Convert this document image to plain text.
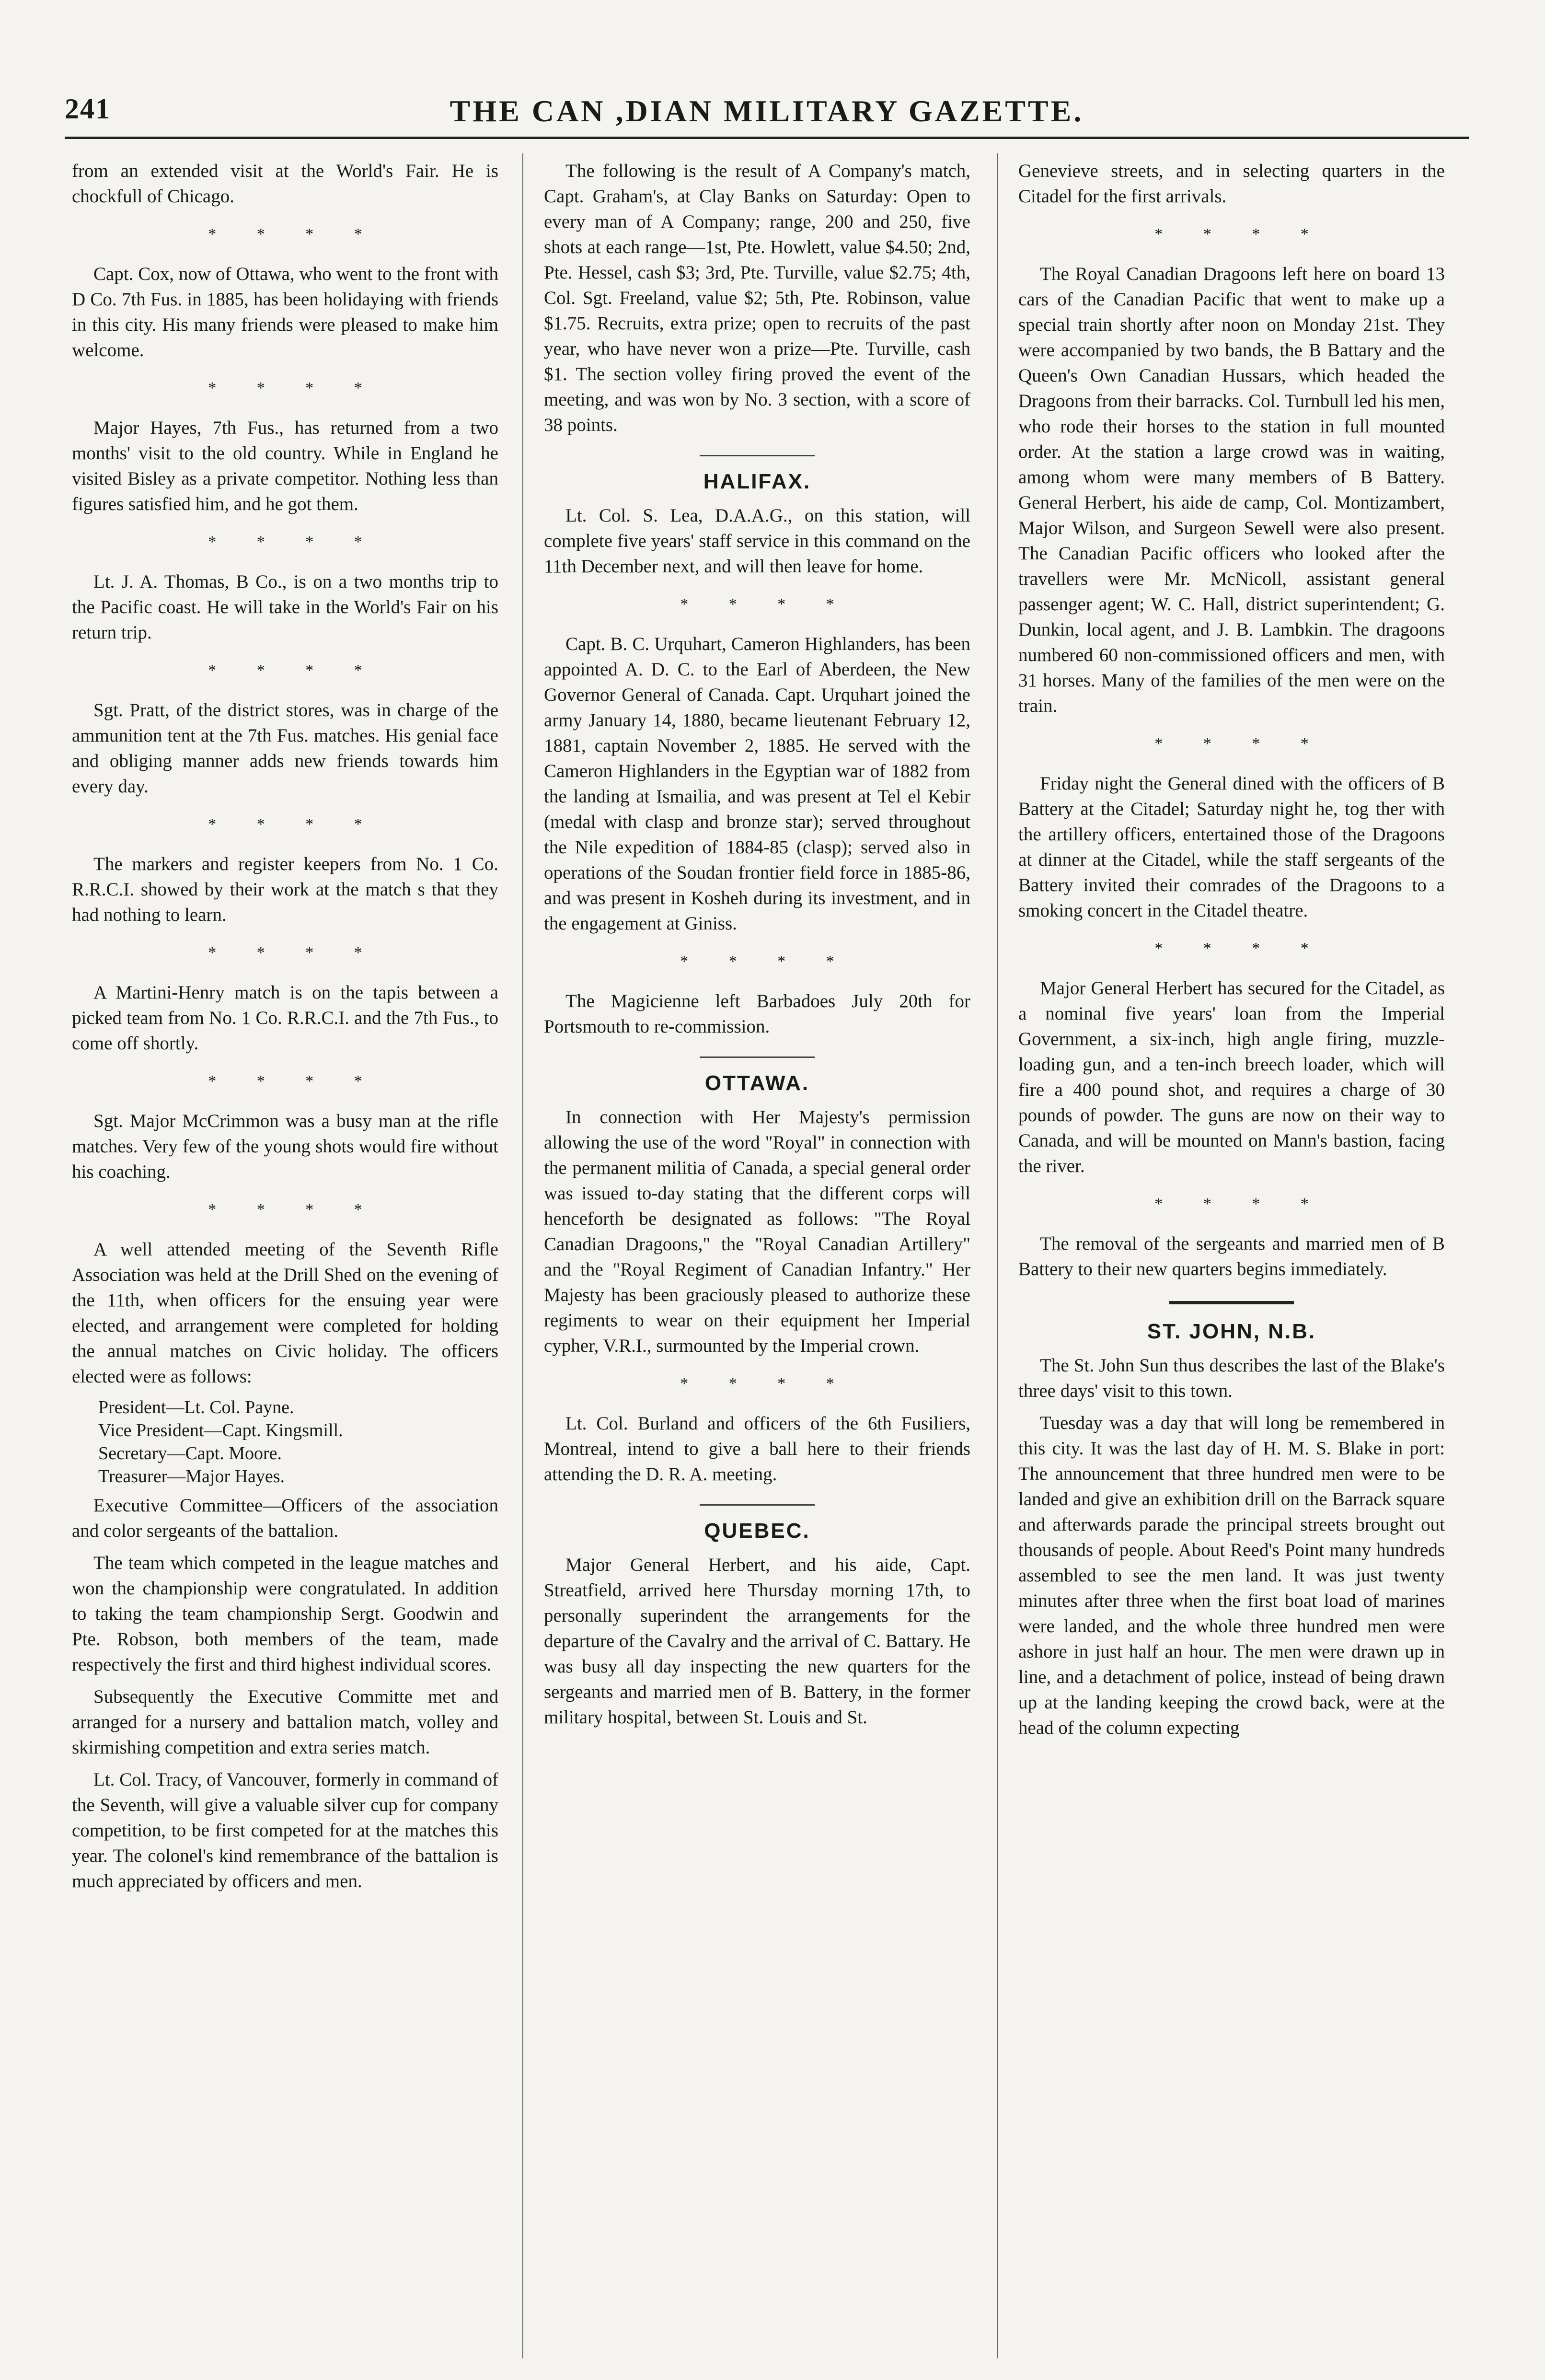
241	THE CAN ,DIAN MILITARY GAZETTE.

from an extended visit at the World's Fair. He is chockfull of Chicago.

* * * *

Capt. Cox, now of Ottawa, who went to the front with D Co. 7th Fus. in 1885, has been holidaying with friends in this city. His many friends were pleased to make him welcome.

* * * *

Major Hayes, 7th Fus., has returned from a two months' visit to the old country. While in England he visited Bisley as a private competitor. Nothing less than figures satisfied him, and he got them.

* * * *

Lt. J. A. Thomas, B Co., is on a two months trip to the Pacific coast. He will take in the World's Fair on his return trip.

* * * *

Sgt. Pratt, of the district stores, was in charge of the ammunition tent at the 7th Fus. matches. His genial face and obliging manner adds new friends towards him every day.

* * * *

The markers and register keepers from No. 1 Co. R.R.C.I. showed by their work at the match s that they had nothing to learn.

* * * *

A Martini-Henry match is on the tapis between a picked team from No. 1 Co. R.R.C.I. and the 7th Fus., to come off shortly.

* * * *

Sgt. Major McCrimmon was a busy man at the rifle matches. Very few of the young shots would fire without his coaching.

* * * *

A well attended meeting of the Seventh Rifle Association was held at the Drill Shed on the evening of the 11th, when officers for the ensuing year were elected, and arrangement were completed for holding the annual matches on Civic holiday. The officers elected were as follows:

President—Lt. Col. Payne.
Vice President—Capt. Kingsmill.
Secretary—Capt. Moore.
Treasurer—Major Hayes.

Executive Committee—Officers of the association and color sergeants of the battalion.

The team which competed in the league matches and won the championship were congratulated. In addition to taking the team championship Sergt. Goodwin and Pte. Robson, both members of the team, made respectively the first and third highest individual scores.

Subsequently the Executive Committe met and arranged for a nursery and battalion match, volley and skirmishing competition and extra series match.

Lt. Col. Tracy, of Vancouver, formerly in command of the Seventh, will give a valuable silver cup for company competition, to be first competed for at the matches this year. The colonel's kind remembrance of the battalion is much appreciated by officers and men.

The following is the result of A Company's match, Capt. Graham's, at Clay Banks on Saturday: Open to every man of A Company; range, 200 and 250, five shots at each range—1st, Pte. Howlett, value $4.50; 2nd, Pte. Hessel, cash $3; 3rd, Pte. Turville, value $2.75; 4th, Col. Sgt. Freeland, value $2; 5th, Pte. Robinson, value $1.75. Recruits, extra prize; open to recruits of the past year, who have never won a prize—Pte. Turville, cash $1. The section volley firing proved the event of the meeting, and was won by No. 3 section, with a score of 38 points.

HALIFAX.

Lt. Col. S. Lea, D.A.A.G., on this station, will complete five years' staff service in this command on the 11th December next, and will then leave for home.

* * * *

Capt. B. C. Urquhart, Cameron Highlanders, has been appointed A. D. C. to the Earl of Aberdeen, the New Governor General of Canada. Capt. Urquhart joined the army January 14, 1880, became lieutenant February 12, 1881, captain November 2, 1885. He served with the Cameron Highlanders in the Egyptian war of 1882 from the landing at Ismailia, and was present at Tel el Kebir (medal with clasp and bronze star); served throughout the Nile expedition of 1884-85 (clasp); served also in operations of the Soudan frontier field force in 1885-86, and was present in Kosheh during its investment, and in the engagement at Giniss.

* * * *

The Magicienne left Barbadoes July 20th for Portsmouth to re-commission.

OTTAWA.

In connection with Her Majesty's permission allowing the use of the word "Royal" in connection with the permanent militia of Canada, a special general order was issued to-day stating that the different corps will henceforth be designated as follows: "The Royal Canadian Dragoons," the "Royal Canadian Artillery" and the "Royal Regiment of Canadian Infantry." Her Majesty has been graciously pleased to authorize these regiments to wear on their equipment her Imperial cypher, V.R.I., surmounted by the Imperial crown.

* * * *

Lt. Col. Burland and officers of the 6th Fusiliers, Montreal, intend to give a ball here to their friends attending the D. R. A. meeting.

QUEBEC.

Major General Herbert, and his aide, Capt. Streatfield, arrived here Thursday morning 17th, to personally superindent the arrangements for the departure of the Cavalry and the arrival of C. Battary. He was busy all day inspecting the new quarters for the sergeants and married men of B. Battery, in the former military hospital, between St. Louis and St.

Genevieve streets, and in selecting quarters in the Citadel for the first arrivals.

* * * *

The Royal Canadian Dragoons left here on board 13 cars of the Canadian Pacific that went to make up a special train shortly after noon on Monday 21st. They were accompanied by two bands, the B Battary and the Queen's Own Canadian Hussars, which headed the Dragoons from their barracks. Col. Turnbull led his men, who rode their horses to the station in full mounted order. At the station a large crowd was in waiting, among whom were many members of B Battery. General Herbert, his aide de camp, Col. Montizambert, Major Wilson, and Surgeon Sewell were also present. The Canadian Pacific officers who looked after the travellers were Mr. McNicoll, assistant general passenger agent; W. C. Hall, district superintendent; G. Dunkin, local agent, and J. B. Lambkin. The dragoons numbered 60 non-commissioned officers and men, with 31 horses. Many of the families of the men were on the train.

* * * *

Friday night the General dined with the officers of B Battery at the Citadel; Saturday night he, tog ther with the artillery officers, entertained those of the Dragoons at dinner at the Citadel, while the staff sergeants of the Battery invited their comrades of the Dragoons to a smoking concert in the Citadel theatre.

* * * *

Major General Herbert has secured for the Citadel, as a nominal five years' loan from the Imperial Government, a six-inch, high angle firing, muzzle-loading gun, and a ten-inch breech loader, which will fire a 400 pound shot, and requires a charge of 30 pounds of powder. The guns are now on their way to Canada, and will be mounted on Mann's bastion, facing the river.

* * * *

The removal of the sergeants and married men of B Battery to their new quarters begins immediately.

ST. JOHN, N.B.

The St. John Sun thus describes the last of the Blake's three days' visit to this town.

Tuesday was a day that will long be remembered in this city. It was the last day of H. M. S. Blake in port: The announcement that three hundred men were to be landed and give an exhibition drill on the Barrack square and afterwards parade the principal streets brought out thousands of people. About Reed's Point many hundreds assembled to see the men land. It was just twenty minutes after three when the first boat load of marines were landed, and the whole three hundred men were ashore in just half an hour. The men were drawn up in line, and a detachment of police, instead of being drawn up at the landing keeping the crowd back, were at the head of the column expecting
